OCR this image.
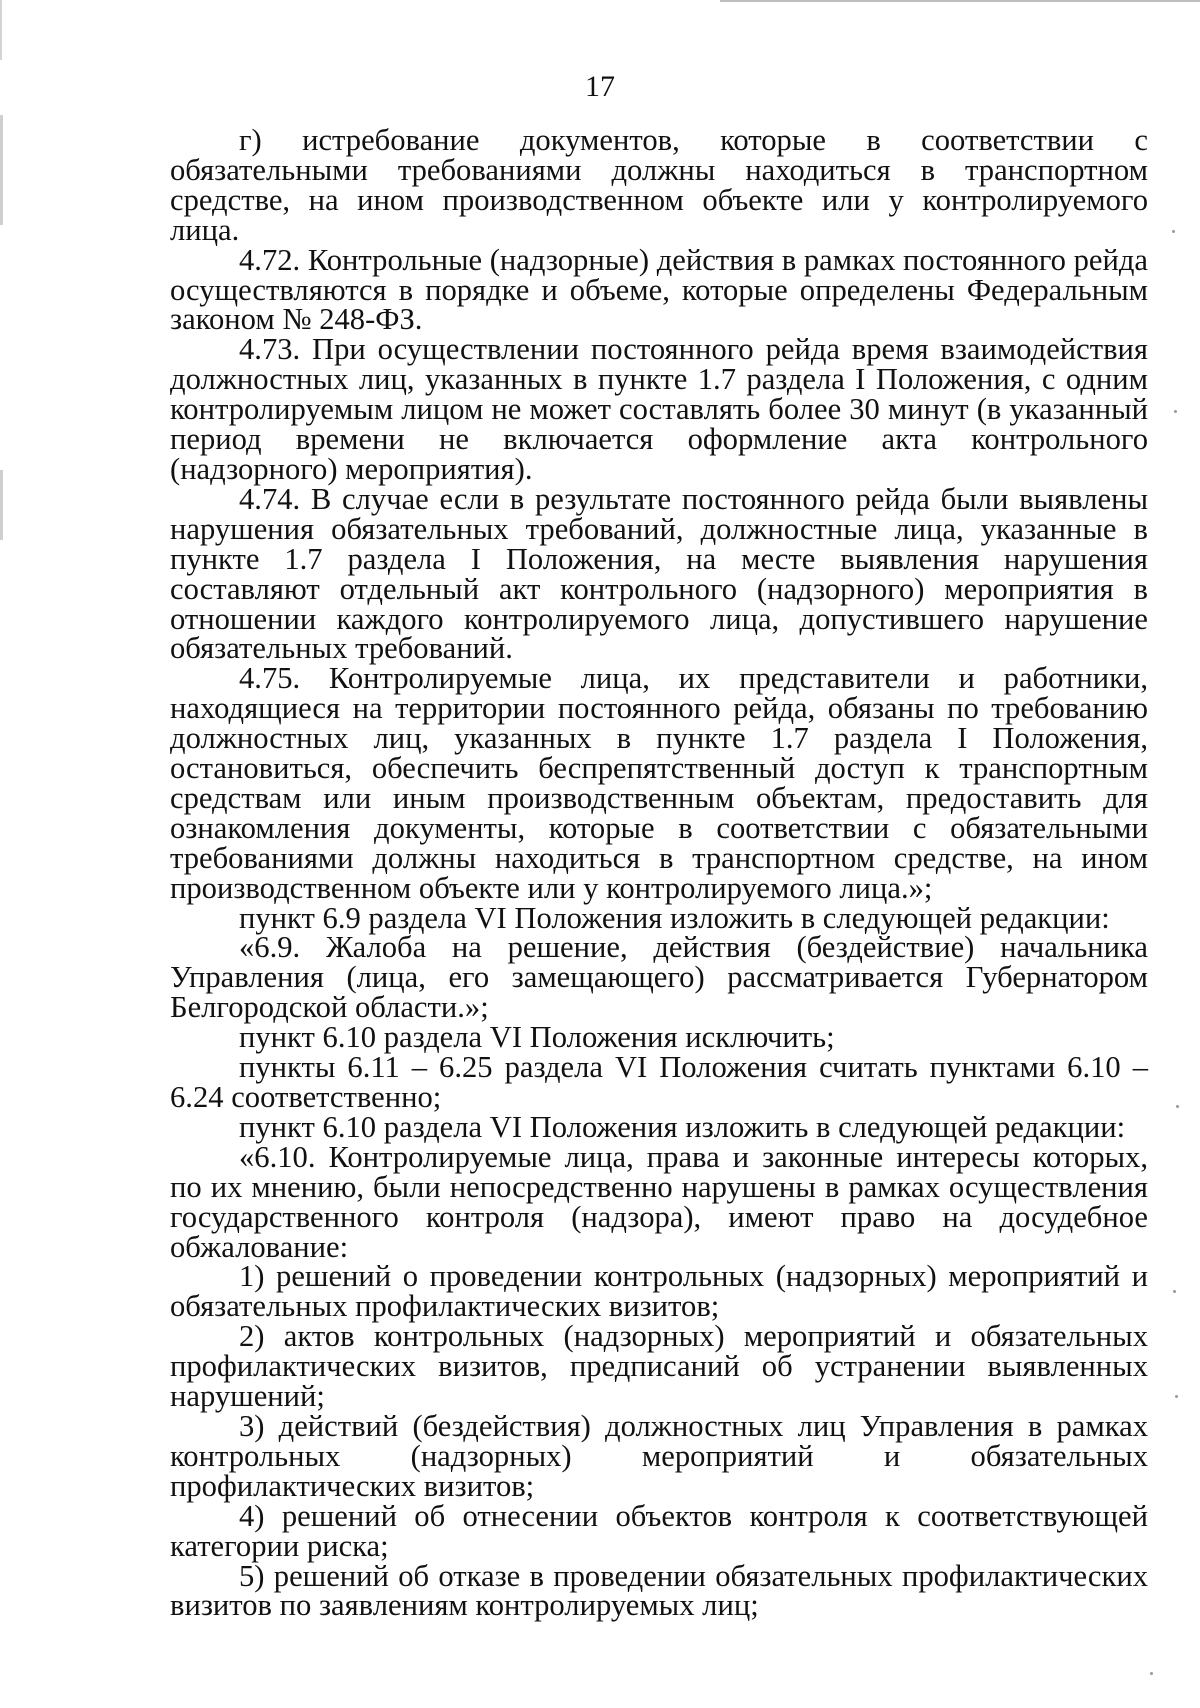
17

г) истребование документов, которые в соответствии с обязательными требованиями должны находиться в транспортном средстве, на ином производственном объекте или у контролируемого лица.

4.72. Контрольные (надзорные) действия в рамках постоянного рейда осуществляются в порядке и объеме, которые определены Федеральным законом № 248-ФЗ.

4.73. При осуществлении постоянного рейда время взаимодействия должностных лиц, указанных в пункте 1.7 раздела I Положения, с одним контролируемым лицом не может составлять более 30 минут (в указанный период времени не включается оформление акта контрольного (надзорного) мероприятия).

4.74. В случае если в результате постоянного рейда были выявлены нарушения обязательных требований, должностные лица, указанные в пункте 1.7 раздела I Положения, на месте выявления нарушения составляют отдельный акт контрольного (надзорного) мероприятия в отношении каждого контролируемого лица, допустившего нарушение обязательных требований.

4.75. Контролируемые лица, их представители и работники, находящиеся на территории постоянного рейда, обязаны по требованию должностных лиц, указанных в пункте 1.7 раздела I Положения, остановиться, обеспечить беспрепятственный доступ к транспортным средствам или иным производственным объектам, предоставить для ознакомления документы, которые в соответствии с обязательными требованиями должны находиться в транспортном средстве, на ином производственном объекте или у контролируемого лица.»;

пункт 6.9 раздела VI Положения изложить в следующей редакции:

«6.9. Жалоба на решение, действия (бездействие) начальника Управления (лица, его замещающего) рассматривается Губернатором Белгородской области.»;

пункт 6.10 раздела VI Положения исключить;

пункты 6.11 – 6.25 раздела VI Положения считать пунктами 6.10 – 6.24 соответственно;

пункт 6.10 раздела VI Положения изложить в следующей редакции:

«6.10. Контролируемые лица, права и законные интересы которых, по их мнению, были непосредственно нарушены в рамках осуществления государственного контроля (надзора), имеют право на досудебное обжалование:

1) решений о проведении контрольных (надзорных) мероприятий и обязательных профилактических визитов;

2) актов контрольных (надзорных) мероприятий и обязательных профилактических визитов, предписаний об устранении выявленных нарушений;

3) действий (бездействия) должностных лиц Управления в рамках контрольных (надзорных) мероприятий и обязательных профилактических визитов;

4) решений об отнесении объектов контроля к соответствующей категории риска;

5) решений об отказе в проведении обязательных профилактических визитов по заявлениям контролируемых лиц;
